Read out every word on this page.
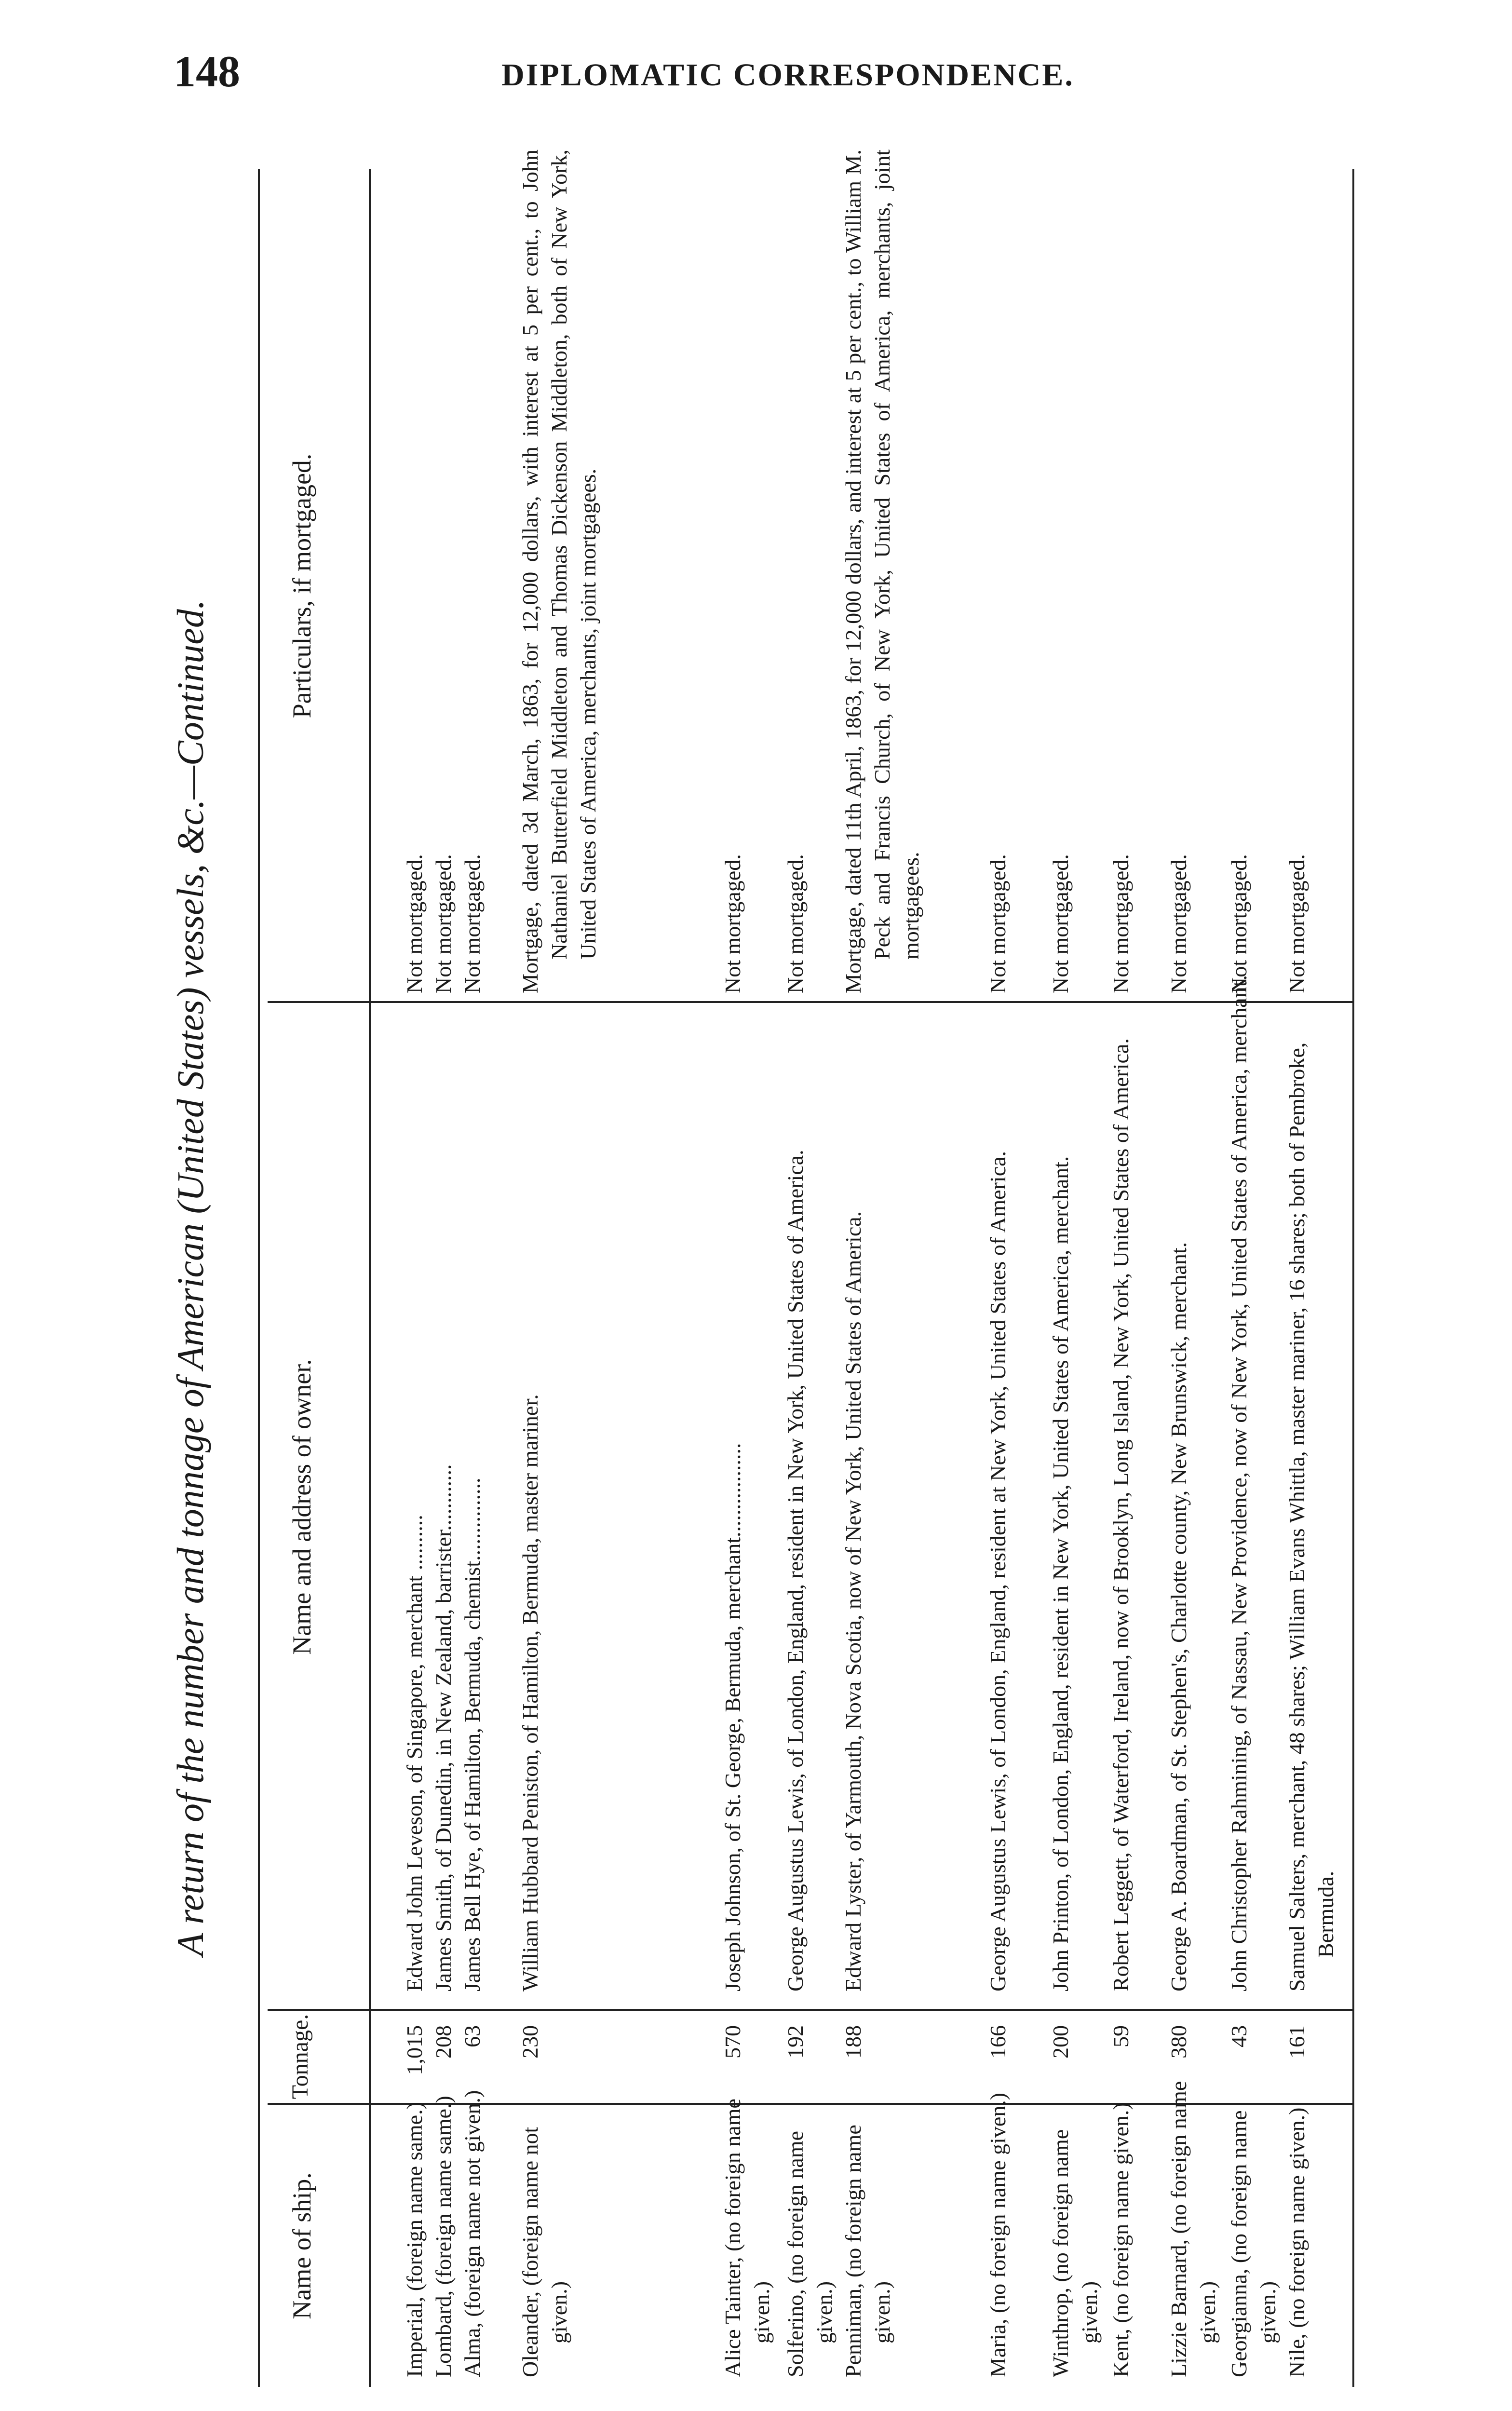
148	DIPLOMATIC CORRESPONDENCE.
A return of the number and tonnage of American (United States) vessels, &c.—Continued.
Name of ship.
Tonnage.
Name and address of owner.
Particulars, if mortgaged.
Imperial, (foreign name same.)
1,015
Edward John Leveson, of Singapore, merchant ..........
Not mortgaged.
Lombard, (foreign name same.)
208
James Smith, of Dunedin, in New Zealand, barrister............
Not mortgaged.
Alma, (foreign name not given.)
63
James Bell Hye, of Hamilton, Bermuda, chemist...............
Not mortgaged.
Oleander, (foreign name not given.)
230
William Hubbard Peniston, of Hamilton, Bermuda, master mariner.
Mortgage, dated 3d March, 1863, for 12,000 dollars, with interest at 5 per cent., to John Nathaniel Butterfield Middleton and Thomas Dickenson Middleton, both of New York, United States of America, merchants, joint mortgagees.
Alice Tainter, (no foreign name given.)
570
Joseph Johnson, of St. George, Bermuda, merchant.................
Not mortgaged.
Solferino, (no foreign name given.)
192
George Augustus Lewis, of London, England, resident in New York, United States of America.
Not mortgaged.
Penniman, (no foreign name given.)
188
Edward Lyster, of Yarmouth, Nova Scotia, now of New York, United States of America.
Mortgage, dated 11th April, 1863, for 12,000 dollars, and interest at 5 per cent., to William M. Peck and Francis Church, of New York, United States of America, merchants, joint mortgagees.
Maria, (no foreign name given.)
166
George Augustus Lewis, of London, England, resident at New York, United States of America.
Not mortgaged.
Winthrop, (no foreign name given.)
200
John Printon, of London, England, resident in New York, United States of America, merchant.
Not mortgaged.
Kent, (no foreign name given.)
59
Robert Leggett, of Waterford, Ireland, now of Brooklyn, Long Island, New York, United States of America.
Not mortgaged.
Lizzie Barnard, (no foreign name given.)
380
George A. Boardman, of St. Stephen's, Charlotte county, New Brunswick, merchant.
Not mortgaged.
Georgianna, (no foreign name given.)
43
John Christopher Rahmining, of Nassau, New Providence, now of New York, United States of America, merchant.
Not mortgaged.
Nile, (no foreign name given.)
161
Samuel Salters, merchant, 48 shares; William Evans Whittla, master mariner, 16 shares; both of Pembroke, Bermuda.
Not mortgaged.
